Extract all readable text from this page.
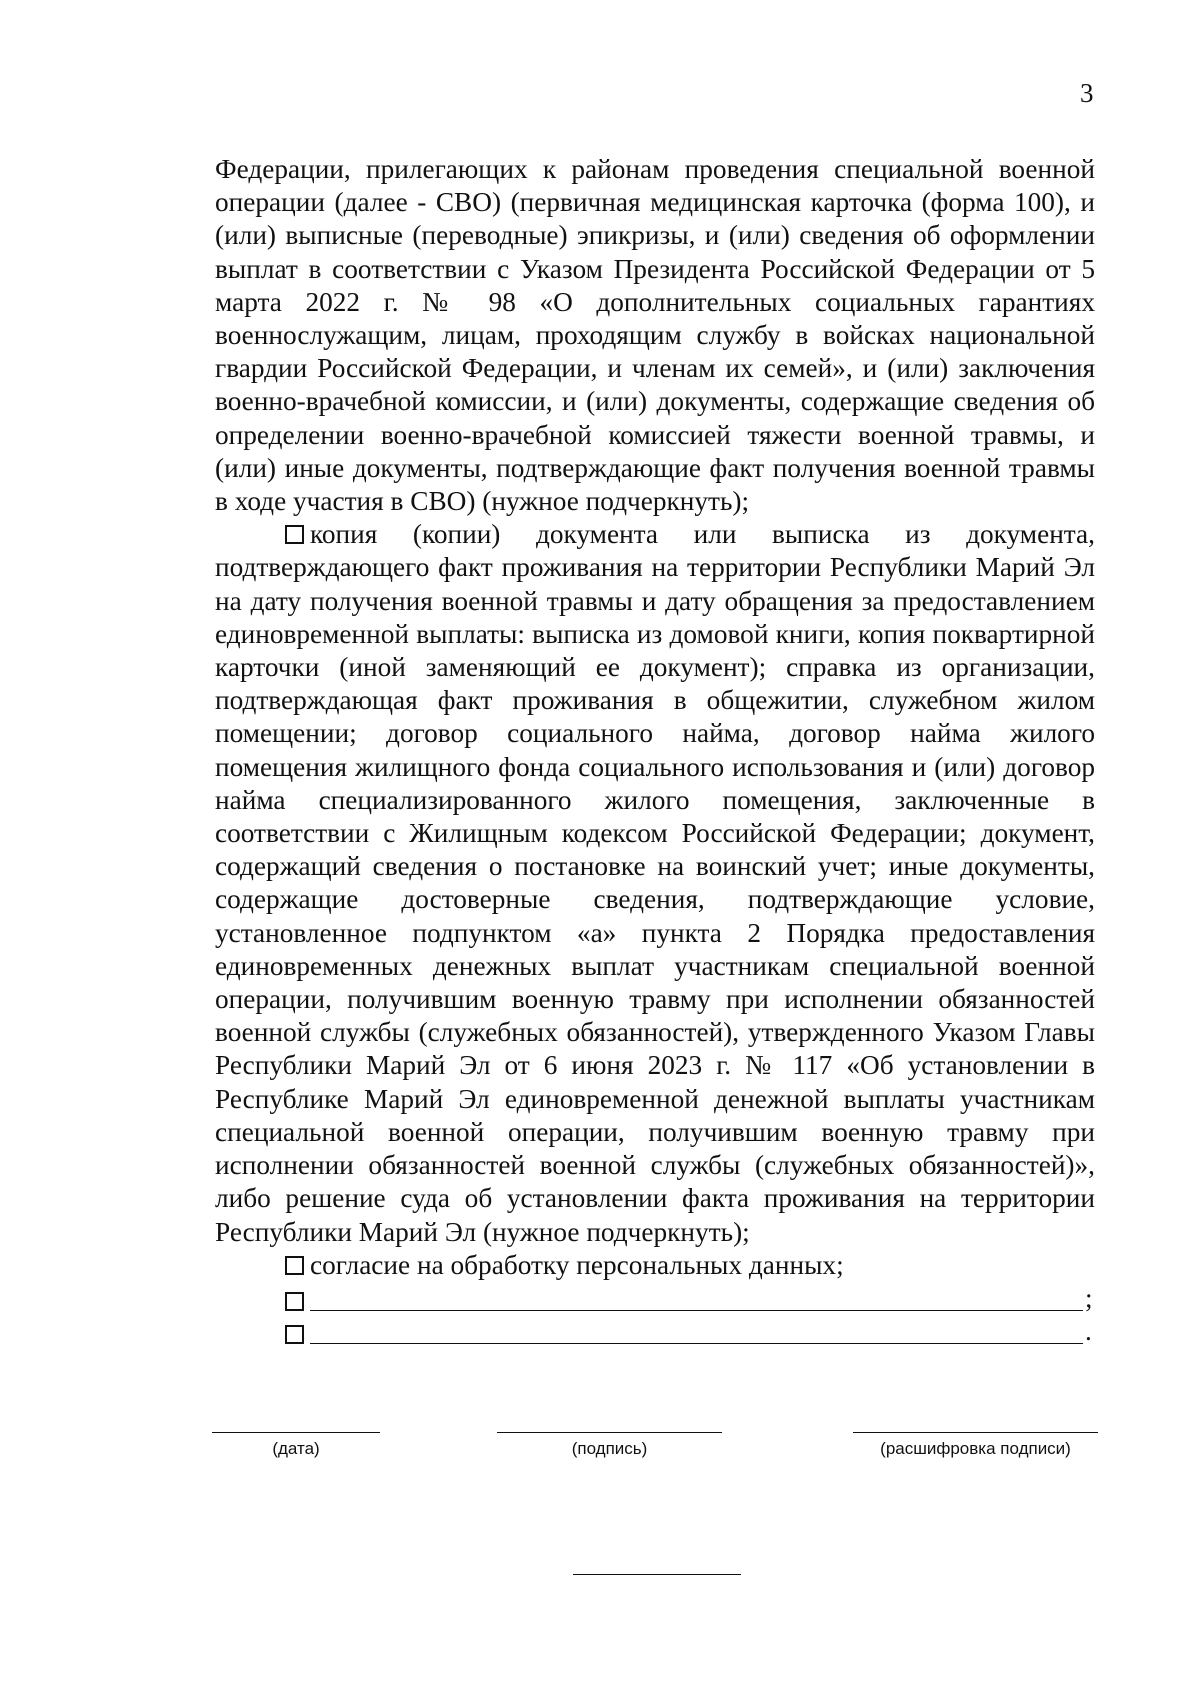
3

Федерации, прилегающих к районам проведения специальной военной операции (далее - СВО) (первичная медицинская карточка (форма 100), и (или) выписные (переводные) эпикризы, и (или) сведения об оформлении выплат в соответствии с Указом Президента Российской Федерации от 5 марта 2022 г. № 98 «О дополнительных социальных гарантиях военнослужащим, лицам, проходящим службу в войсках национальной гвардии Российской Федерации, и членам их семей», и (или) заключения военно-врачебной комиссии, и (или) документы, содержащие сведения об определении военно-врачебной комиссией тяжести военной травмы, и (или) иные документы, подтверждающие факт получения военной травмы в ходе участия в СВО) (нужное подчеркнуть);

копия (копии) документа или выписка из документа, подтверждающего факт проживания на территории Республики Марий Эл на дату получения военной травмы и дату обращения за предоставлением единовременной выплаты: выписка из домовой книги, копия поквартирной карточки (иной заменяющий ее документ); справка из организации, подтверждающая факт проживания в общежитии, служебном жилом помещении; договор социального найма, договор найма жилого помещения жилищного фонда социального использования и (или) договор найма специализированного жилого помещения, заключенные в соответствии с Жилищным кодексом Российской Федерации; документ, содержащий сведения о постановке на воинский учет; иные документы, содержащие достоверные сведения, подтверждающие условие, установленное подпунктом «а» пункта 2 Порядка предоставления единовременных денежных выплат участникам специальной военной операции, получившим военную травму при исполнении обязанностей военной службы (служебных обязанностей), утвержденного Указом Главы Республики Марий Эл от 6 июня 2023 г. № 117 «Об установлении в Республике Марий Эл единовременной денежной выплаты участникам специальной военной операции, получившим военную травму при исполнении обязанностей военной службы (служебных обязанностей)», либо решение суда об установлении факта проживания на территории Республики Марий Эл (нужное подчеркнуть);

согласие на обработку персональных данных;

;
.
(дата)	(подпись)	(расшифровка подписи)
